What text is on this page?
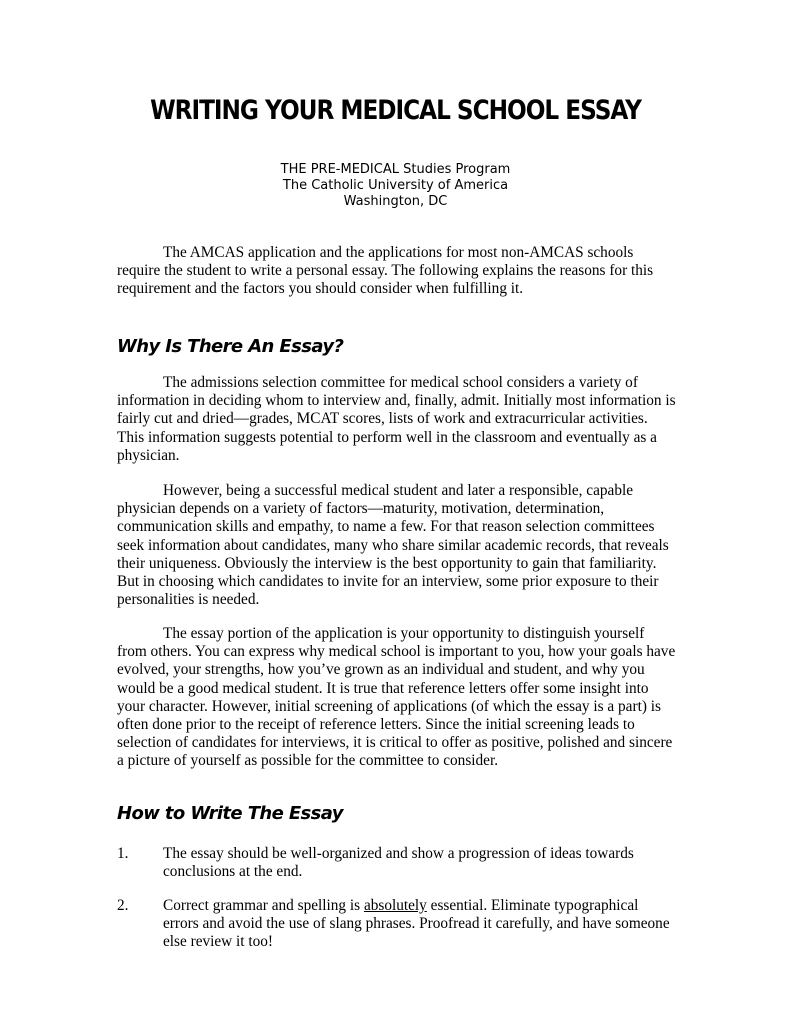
WRITING YOUR MEDICAL SCHOOL ESSAY
THE PRE-MEDICAL Studies Program
The Catholic University of America
Washington, DC

The AMCAS application and the applications for most non-AMCAS schools require the student to write a personal essay. The following explains the reasons for this requirement and the factors you should consider when fulfilling it.

Why Is There An Essay?

The admissions selection committee for medical school considers a variety of information in deciding whom to interview and, finally, admit. Initially most information is fairly cut and dried—grades, MCAT scores, lists of work and extracurricular activities. This information suggests potential to perform well in the classroom and eventually as a physician.

However, being a successful medical student and later a responsible, capable physician depends on a variety of factors—maturity, motivation, determination, communication skills and empathy, to name a few. For that reason selection committees seek information about candidates, many who share similar academic records, that reveals their uniqueness. Obviously the interview is the best opportunity to gain that familiarity. But in choosing which candidates to invite for an interview, some prior exposure to their personalities is needed.

The essay portion of the application is your opportunity to distinguish yourself from others. You can express why medical school is important to you, how your goals have evolved, your strengths, how you’ve grown as an individual and student, and why you would be a good medical student. It is true that reference letters offer some insight into your character. However, initial screening of applications (of which the essay is a part) is often done prior to the receipt of reference letters. Since the initial screening leads to selection of candidates for interviews, it is critical to offer as positive, polished and sincere a picture of yourself as possible for the committee to consider.

How to Write The Essay
1. The essay should be well-organized and show a progression of ideas towards conclusions at the end.
2. Correct grammar and spelling is absolutely essential. Eliminate typographical errors and avoid the use of slang phrases. Proofread it carefully, and have someone else review it too!
